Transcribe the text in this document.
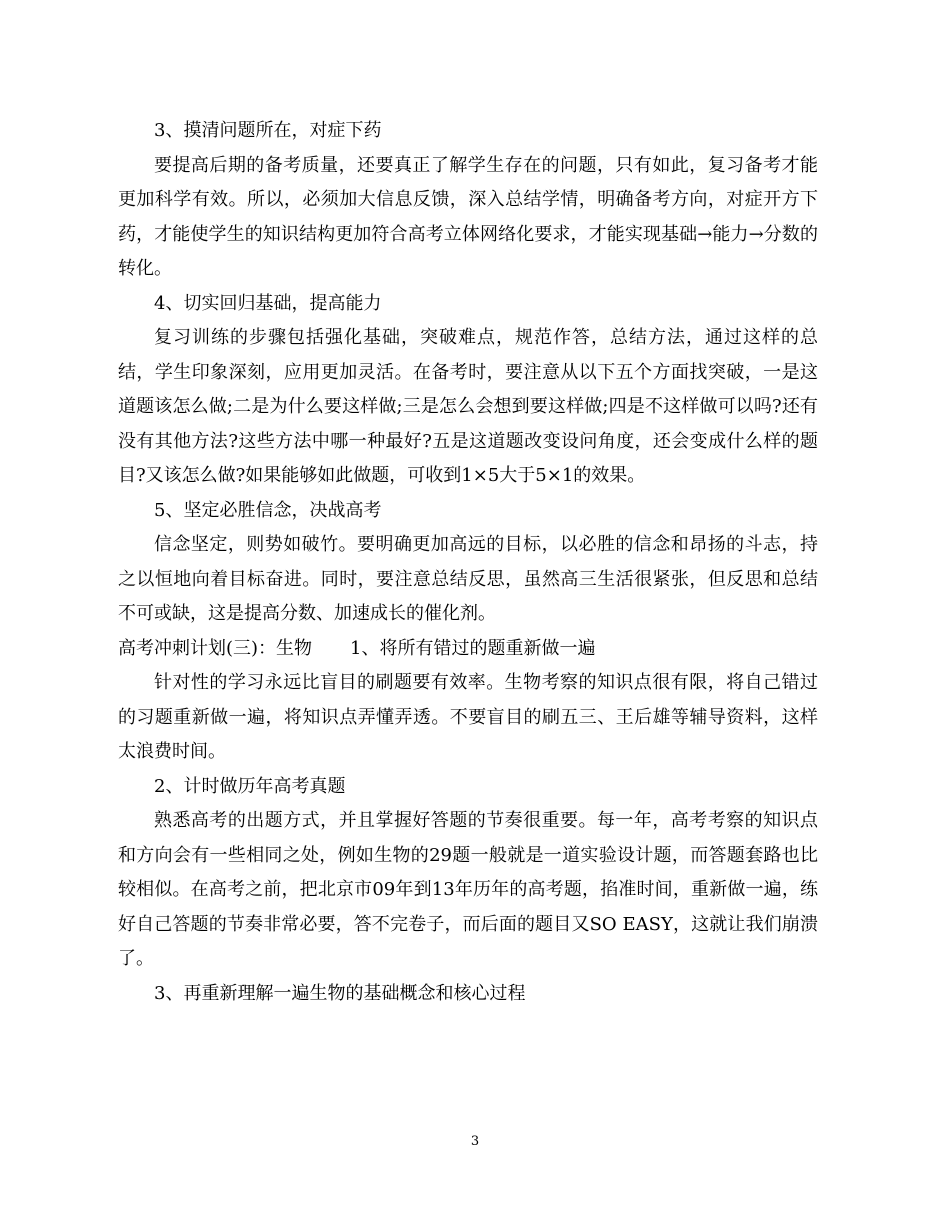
3、摸清问题所在，对症下药

要提高后期的备考质量，还要真正了解学生存在的问题，只有如此，复习备考才能更加科学有效。所以，必须加大信息反馈，深入总结学情，明确备考方向，对症开方下药，才能使学生的知识结构更加符合高考立体网络化要求，才能实现基础→能力→分数的转化。

4、切实回归基础，提高能力

复习训练的步骤包括强化基础，突破难点，规范作答，总结方法，通过这样的总结，学生印象深刻，应用更加灵活。在备考时，要注意从以下五个方面找突破，一是这道题该怎么做;二是为什么要这样做;三是怎么会想到要这样做;四是不这样做可以吗?还有没有其他方法?这些方法中哪一种最好?五是这道题改变设问角度，还会变成什么样的题目?又该怎么做?如果能够如此做题，可收到1×5大于5×1的效果。

5、坚定必胜信念，决战高考

信念坚定，则势如破竹。要明确更加高远的目标，以必胜的信念和昂扬的斗志，持之以恒地向着目标奋进。同时，要注意总结反思，虽然高三生活很紧张，但反思和总结不可或缺，这是提高分数、加速成长的催化剂。

高考冲刺计划(三)：生物 1、将所有错过的题重新做一遍

针对性的学习永远比盲目的刷题要有效率。生物考察的知识点很有限，将自己错过的习题重新做一遍，将知识点弄懂弄透。不要盲目的刷五三、王后雄等辅导资料，这样太浪费时间。

2、计时做历年高考真题

熟悉高考的出题方式，并且掌握好答题的节奏很重要。每一年，高考考察的知识点和方向会有一些相同之处，例如生物的29题一般就是一道实验设计题，而答题套路也比较相似。在高考之前，把北京市09年到13年历年的高考题，掐准时间，重新做一遍，练好自己答题的节奏非常必要，答不完卷子，而后面的题目又SO EASY，这就让我们崩溃了。

3、再重新理解一遍生物的基础概念和核心过程

3
